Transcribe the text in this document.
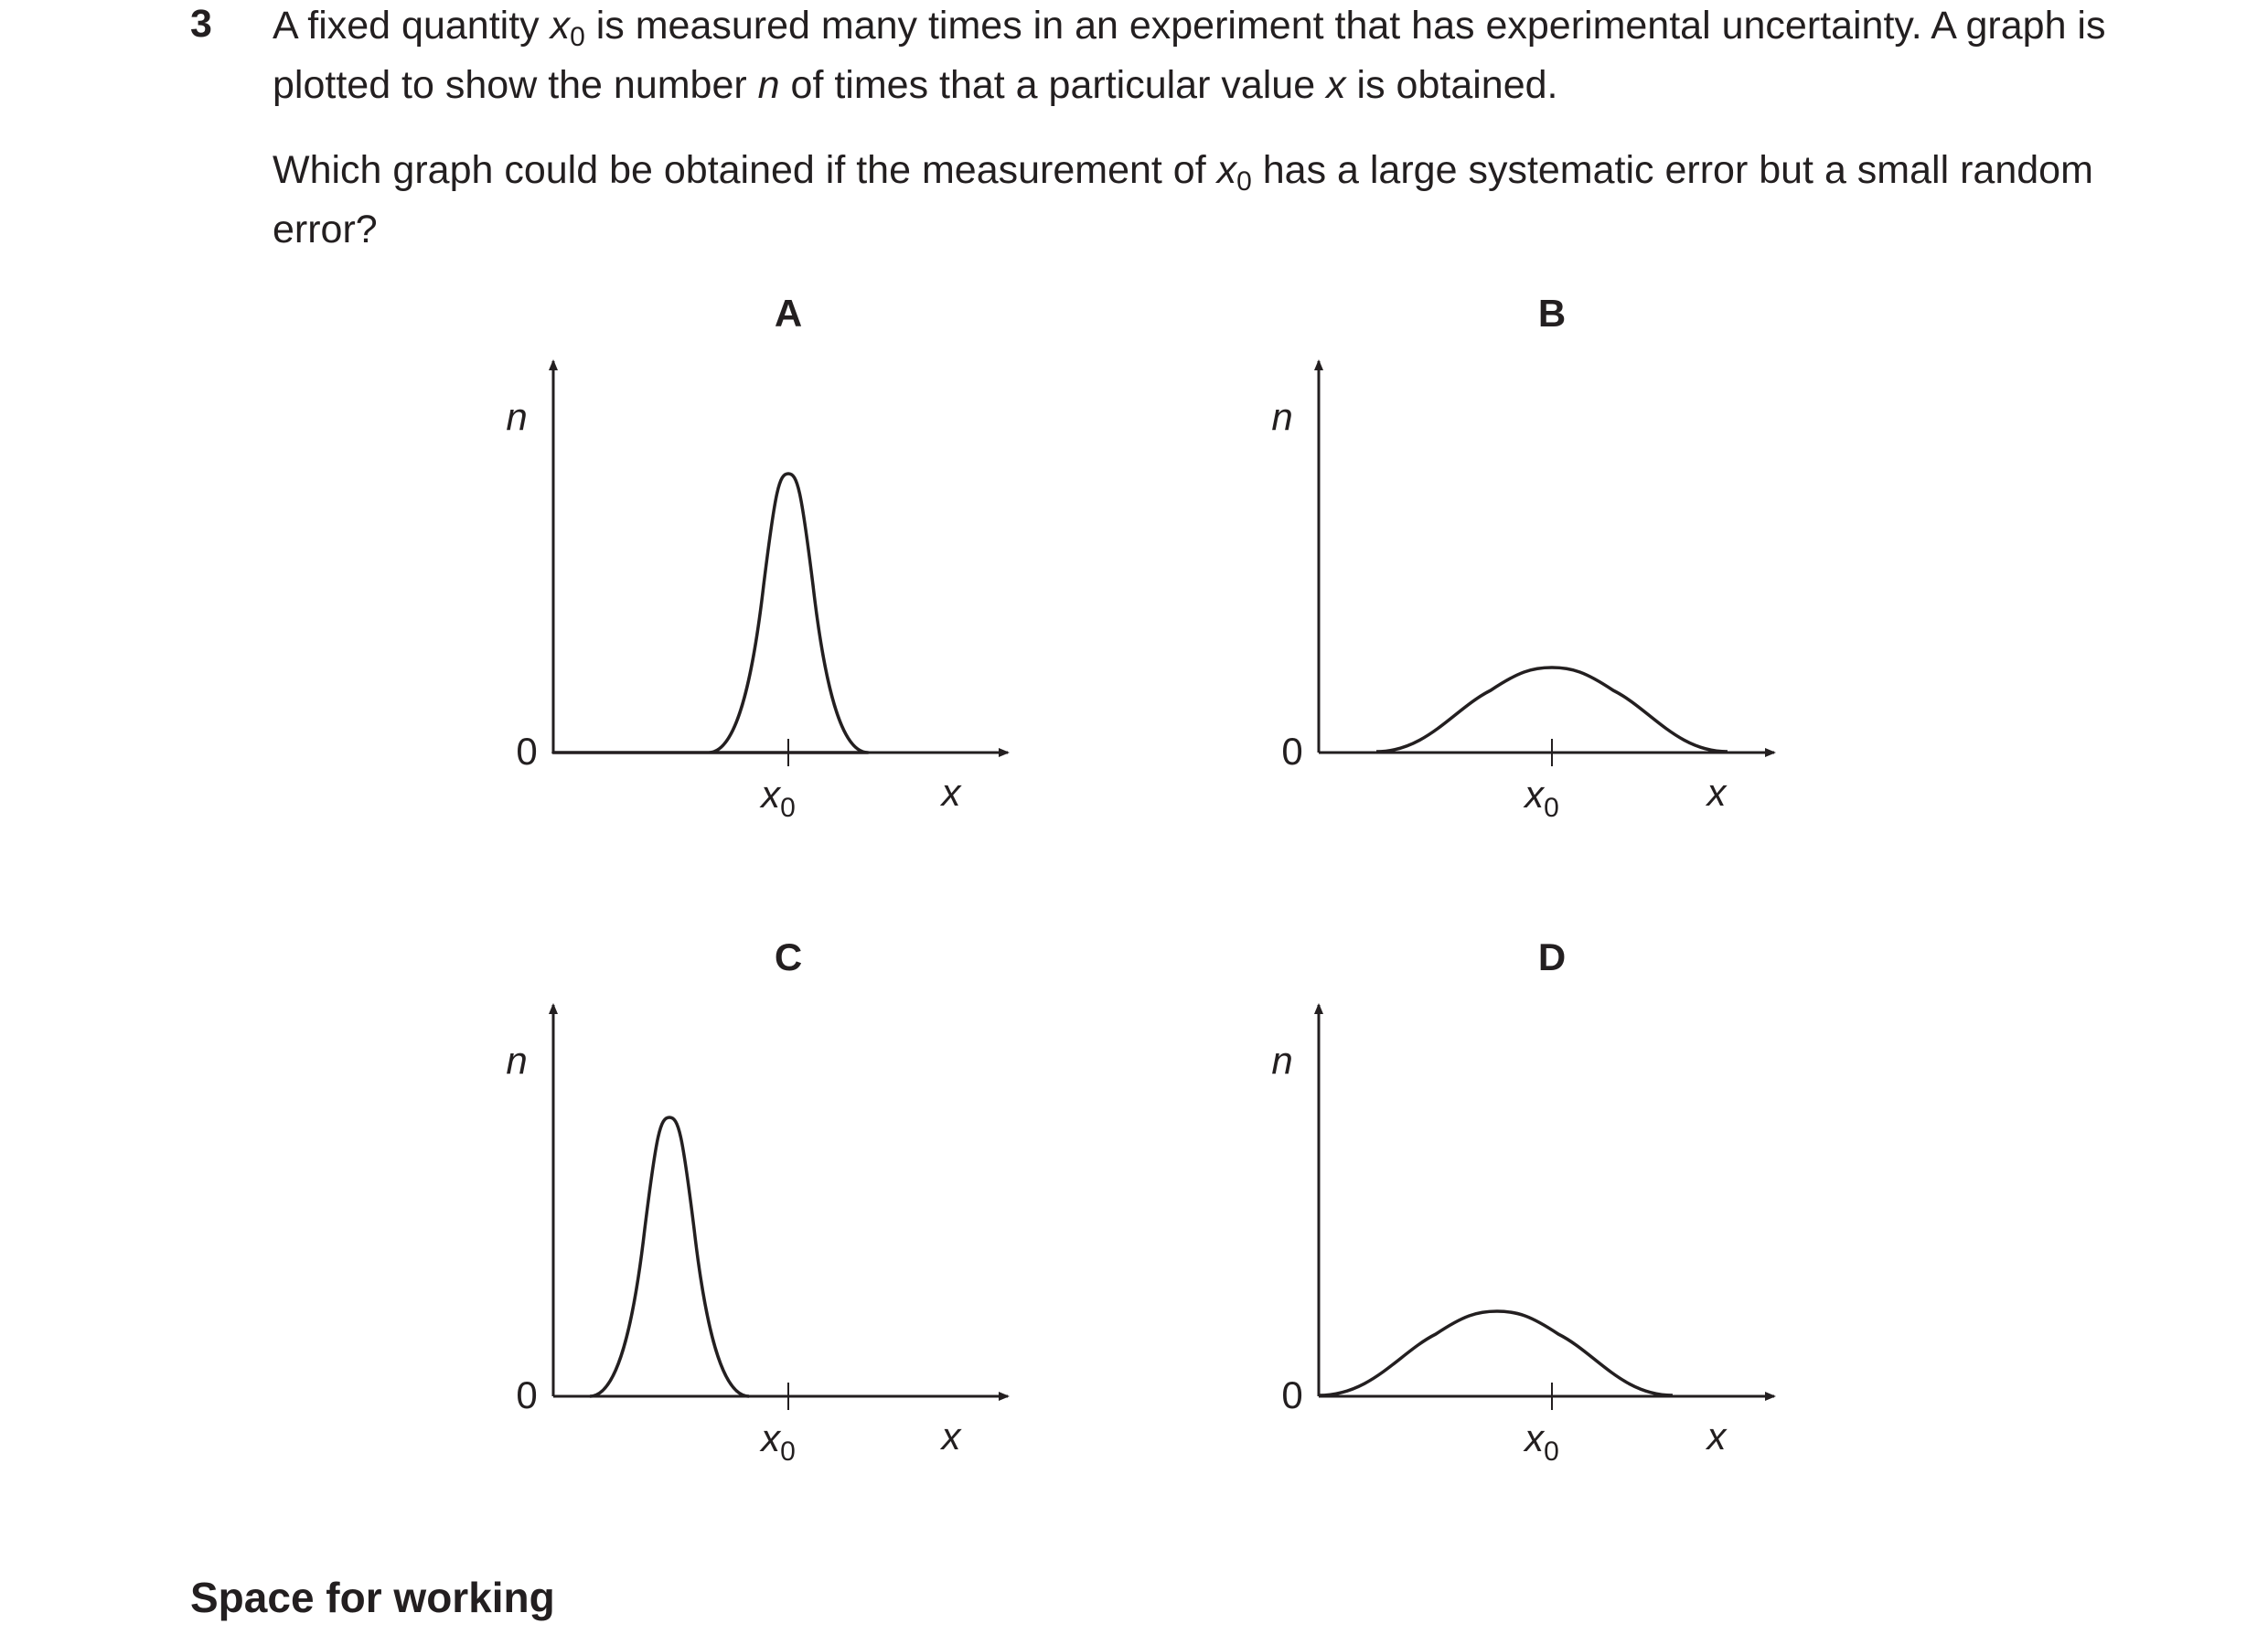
3 A fixed quantity $x_0$ is measured many times in an experiment that has experimental uncertainty. A graph is plotted to show the number n of times that a particular value x is obtained.

Which graph could be obtained if the measurement of $x_0$ has a large systematic error but a small random error?

A
n
0
x0	x
B
n
0
x0	x
C
n
0
x0	x
D
n
0
x0	x
Space for working
